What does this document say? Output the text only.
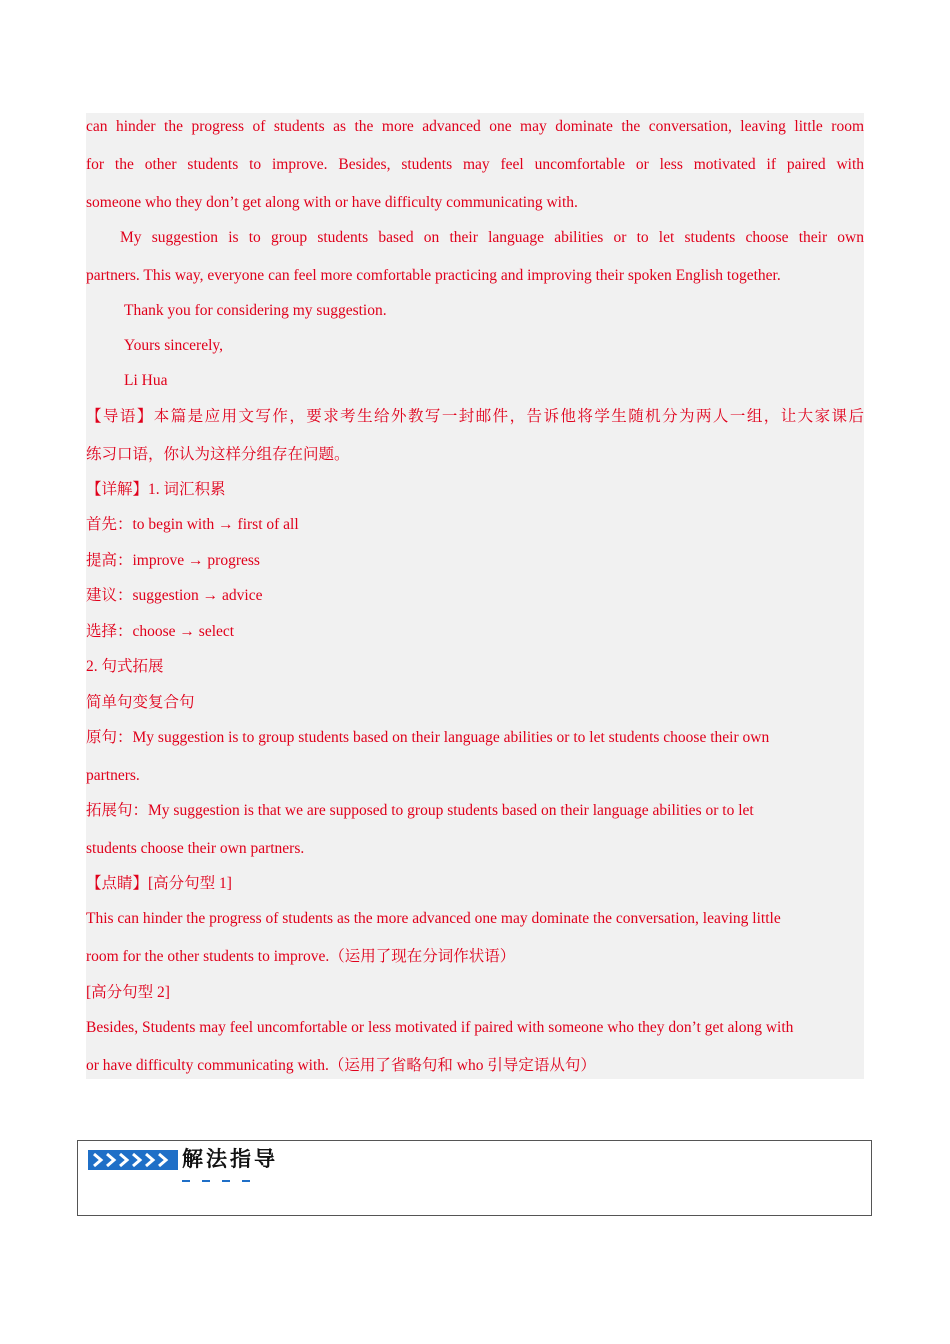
can hinder the progress of students as the more advanced one may dominate the conversation, leaving little room
for the other students to improve. Besides, students may feel uncomfortable or less motivated if paired with
someone who they don’t get along with or have difficulty communicating with.
My suggestion is to group students based on their language abilities or to let students choose their own
partners. This way, everyone can feel more comfortable practicing and improving their spoken English together.
Thank you for considering my suggestion.
Yours sincerely,
Li Hua
【导语】本篇是应用文写作，要求考生给外教写一封邮件，告诉他将学生随机分为两人一组，让大家课后
练习口语，你认为这样分组存在问题。
【详解】1. 词汇积累
首先：to begin with → first of all
提高：improve → progress
建议：suggestion → advice
选择：choose → select
2. 句式拓展
简单句变复合句
原句：My suggestion is to group students based on their language abilities or to let students choose their own
partners.
拓展句：My suggestion is that we are supposed to group students based on their language abilities or to let
students choose their own partners.
【点睛】[高分句型 1]
This can hinder the progress of students as the more advanced one may dominate the conversation, leaving little
room for the other students to improve.（运用了现在分词作状语）
[高分句型 2]
Besides, Students may feel uncomfortable or less motivated if paired with someone who they don’t get along with
or have difficulty communicating with.（运用了省略句和 who 引导定语从句）
解法指导
